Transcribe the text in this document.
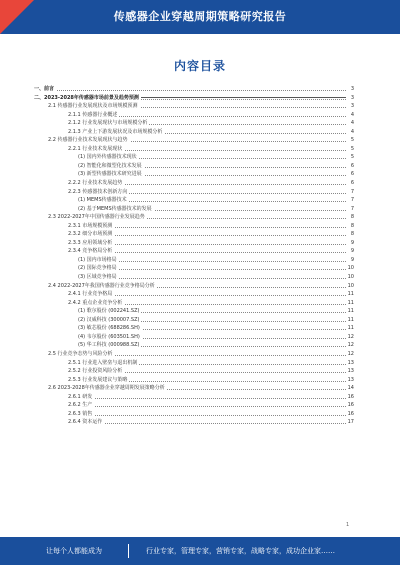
传感器企业穿越周期策略研究报告
内容目录
一、前言	3
二、2023-2028年传感器市场前景及趋势预测	3
2.1 传感器行业发展现状及市场规模预测	3
2.1.1 传感器行业概述	4
2.1.2 行业发展现状与市场规模分析	4
2.1.3 产业上下游发展状况及市场规模分析	4
2.2 传感器行业技术发展现状与趋势	5
2.2.1 行业技术发展现状	5
(1) 国内外传感器技术现状	5
(2) 智能化和微型化技术发展	6
(3) 新型传感器技术研究进展	6
2.2.2 行业技术发展趋势	6
2.2.3 传感器技术创新方向	7
(1) MEMS传感器技术	7
(2) 基于MEMS传感器技术的发展	7
2.3 2022-2027年中国传感器行业发展趋势	8
2.3.1 市场规模预测	8
2.3.2 细分市场预测	8
2.3.3 应用领域分析	9
2.3.4 竞争格局分析	9
(1) 国内市场格局	9
(2) 国际竞争格局	10
(3) 区域竞争格局	10
2.4 2022-2027年我国传感器行业竞争格局分析	10
2.4.1 行业竞争格局	11
2.4.2 重点企业竞争分析	11
(1) 歌尔股份 (002241.SZ)	11
(2) 汉威科技 (300007.SZ)	11
(3) 敏芯股份 (688286.SH)	11
(4) 韦尔股份 (603501.SH)	12
(5) 华工科技 (000988.SZ)	12
2.5 行业竞争态势与风险分析	12
2.5.1 行业进入壁垒与退出机制	13
2.5.2 行业投资风险分析	13
2.5.3 行业发展建议与策略	13
2.6 2023-2028年传感器企业穿越周期发展策略分析	14
2.6.1 研发	16
2.6.2 生产	16
2.6.3 销售	16
2.6.4 资本运作	17
1
让每个人都能成为	行业专家，管理专家，营销专家，战略专家，成功企业家……
